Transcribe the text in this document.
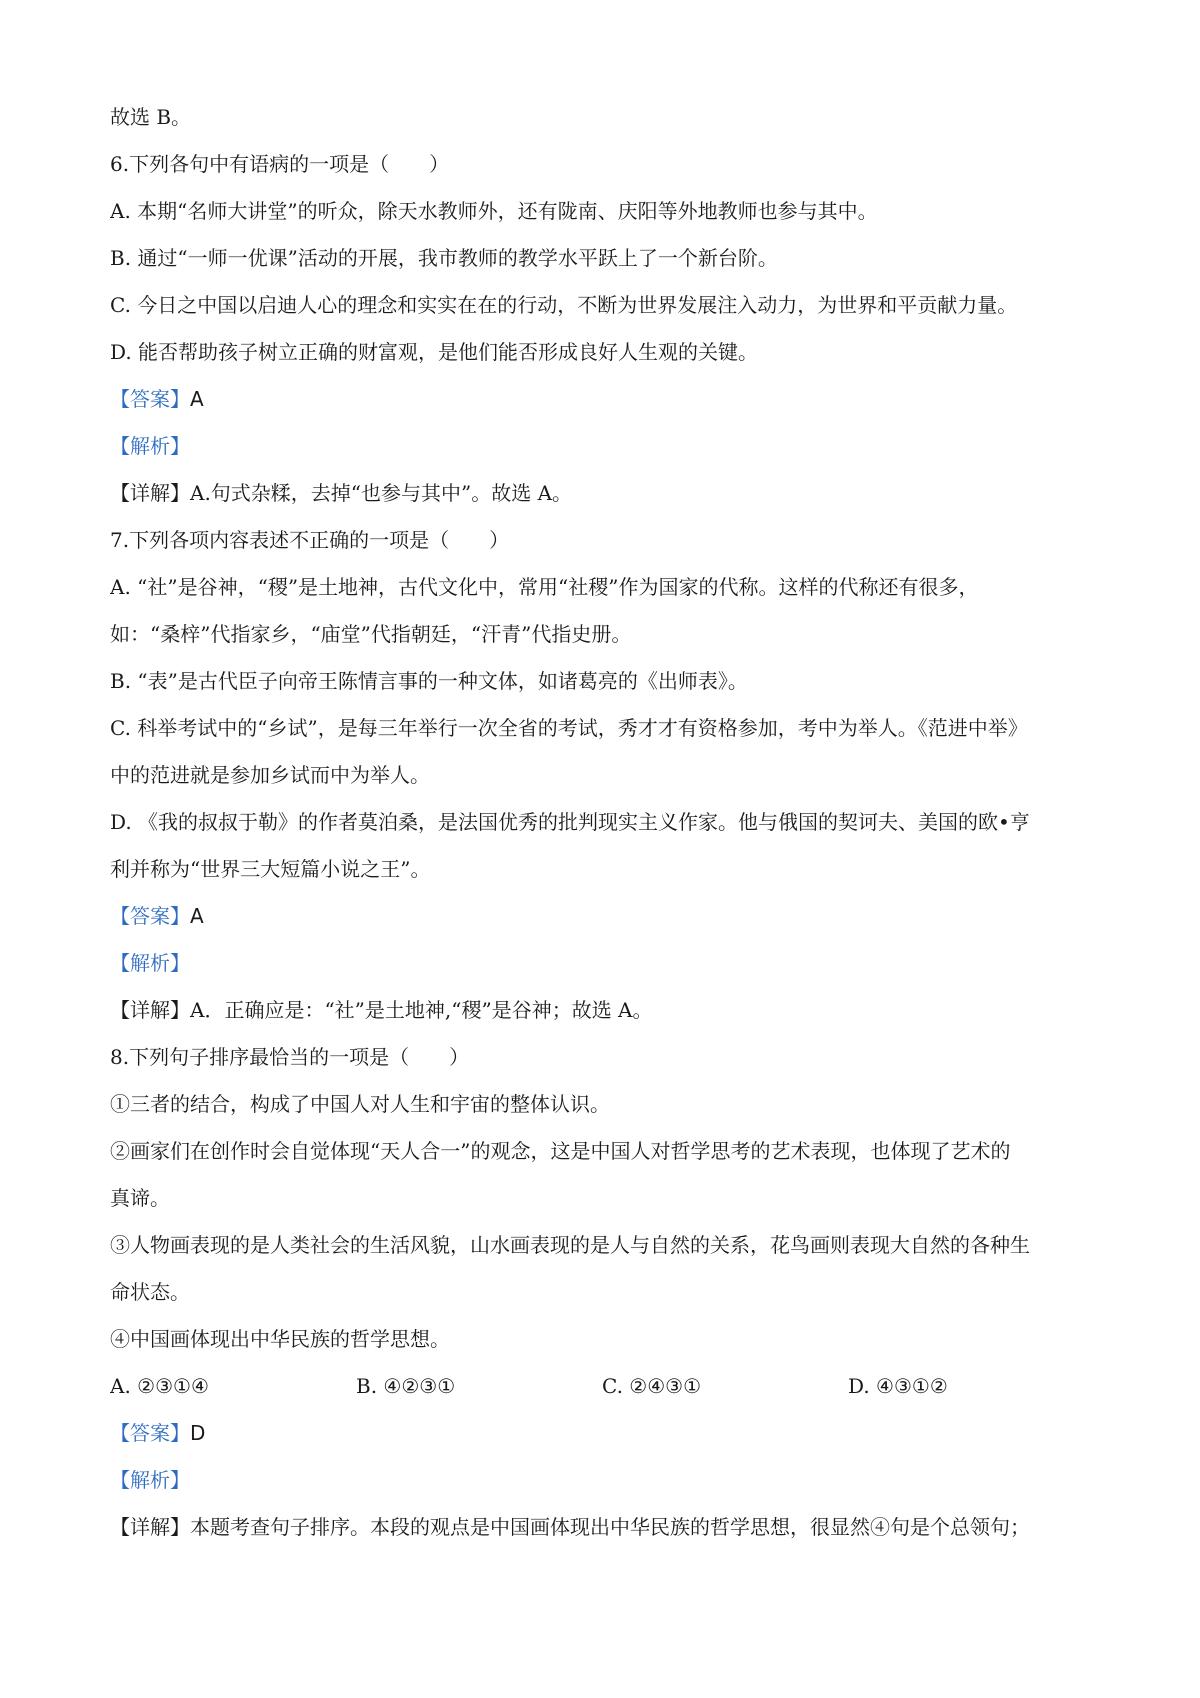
故选 B。
6.下列各句中有语病的一项是（　　）
A. 本期“名师大讲堂”的听众，除天水教师外，还有陇南、庆阳等外地教师也参与其中。
B. 通过“一师一优课”活动的开展，我市教师的教学水平跃上了一个新台阶。
C. 今日之中国以启迪人心的理念和实实在在的行动，不断为世界发展注入动力，为世界和平贡献力量。
D. 能否帮助孩子树立正确的财富观，是他们能否形成良好人生观的关键。
【答案】A
【解析】
【详解】A.句式杂糅，去掉“也参与其中”。故选 A。
7.下列各项内容表述不正确的一项是（　　）
A. “社”是谷神，“稷”是土地神，古代文化中，常用“社稷”作为国家的代称。这样的代称还有很多，
如：“桑梓”代指家乡，“庙堂”代指朝廷，“汗青”代指史册。
B. “表”是古代臣子向帝王陈情言事的一种文体，如诸葛亮的《出师表》。
C. 科举考试中的“乡试”，是每三年举行一次全省的考试，秀才才有资格参加，考中为举人。《范进中举》
中的范进就是参加乡试而中为举人。
D. 《我的叔叔于勒》的作者莫泊桑，是法国优秀的批判现实主义作家。他与俄国的契诃夫、美国的欧•亨
利并称为“世界三大短篇小说之王”。
【答案】A
【解析】
【详解】A．正确应是：“社”是土地神,“稷”是谷神；故选 A。
8.下列句子排序最恰当的一项是（　　）
①三者的结合，构成了中国人对人生和宇宙的整体认识。
②画家们在创作时会自觉体现“天人合一”的观念，这是中国人对哲学思考的艺术表现，也体现了艺术的
真谛。
③人物画表现的是人类社会的生活风貌，山水画表现的是人与自然的关系，花鸟画则表现大自然的各种生
命状态。
④中国画体现出中华民族的哲学思想。
A. ②③①④	B. ④②③①	C. ②④③①	D. ④③①②
【答案】D
【解析】
【详解】本题考查句子排序。本段的观点是中国画体现出中华民族的哲学思想，很显然④句是个总领句；
